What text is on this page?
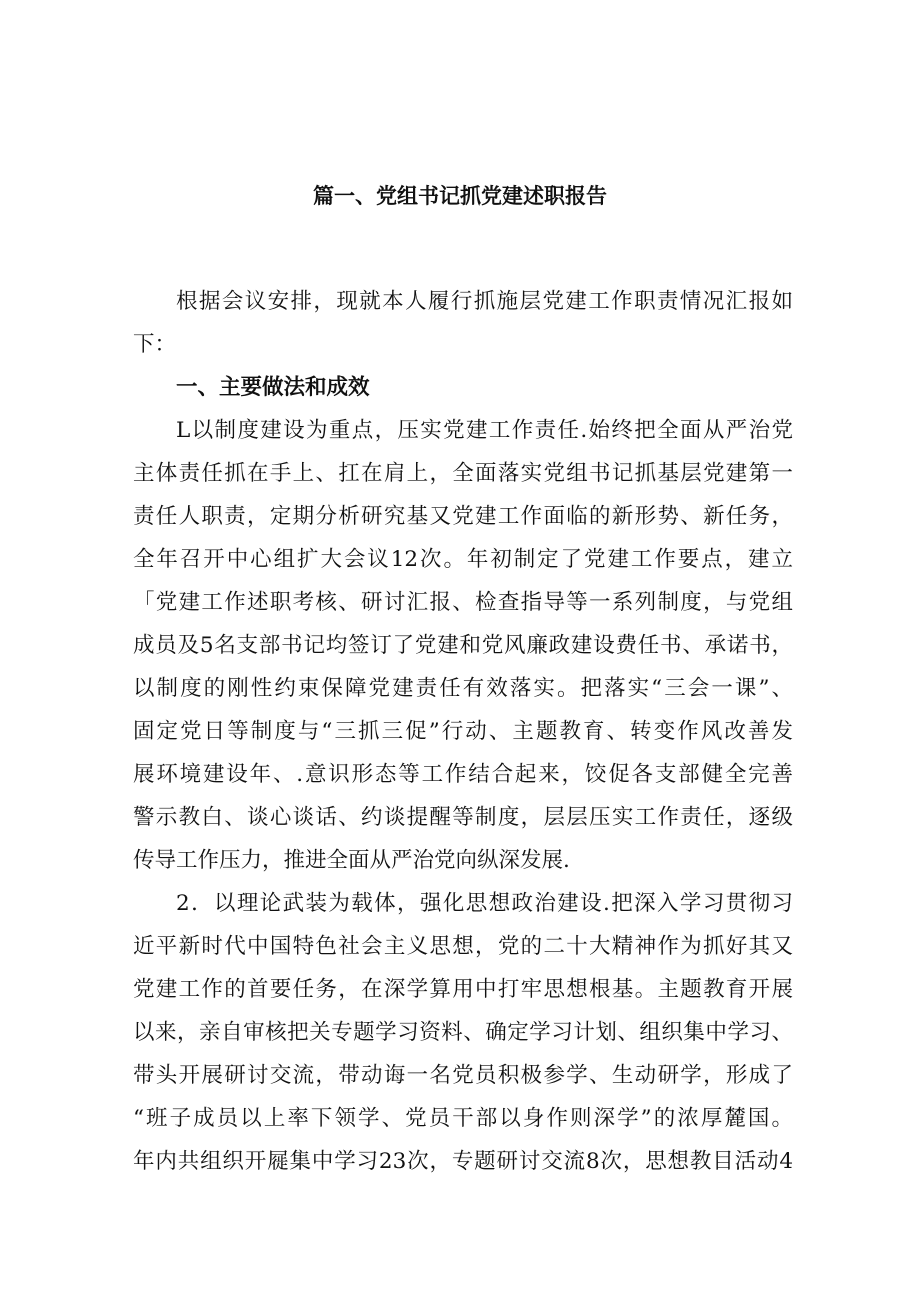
篇一、党组书记抓党建述职报告
根据会议安排，现就本人履行抓施层党建工作职责情况汇报如
下：
一、主要做法和成效
L以制度建设为重点，压实党建工作责任.始终把全面从严治党
主体责任抓在手上、扛在肩上，全面落实党组书记抓基层党建第一
责任人职责，定期分析研究基又党建工作面临的新形势、新任务，
全年召开中心组扩大会议12次。年初制定了党建工作要点，建立
「党建工作述职考核、研讨汇报、检查指导等一系列制度，与党组
成员及5名支部书记均签订了党建和党风廉政建设费任书、承诺书，
以制度的刚性约束保障党建责任有效落实。把落实“三会一课”、
固定党日等制度与“三抓三促”行动、主题教育、转变作风改善发
展环境建设年、.意识形态等工作结合起来，饺促各支部健全完善
警示教白、谈心谈话、约谈提醒等制度，层层压实工作责任，逐级
传导工作压力，推进全面从严治党向纵深发展.
2．以理论武装为载体，强化思想政治建设.把深入学习贯彻习
近平新时代中国特色社会主义思想，党的二十大精神作为抓好其又
党建工作的首要任务，在深学算用中打牢思想根基。主题教育开展
以来，亲自审核把关专题学习资料、确定学习计划、组织集中学习、
带头开展研讨交流，带动诲一名党员积极参学、生动研学，形成了
“班子成员以上率下领学、党员干部以身作则深学”的浓厚麓国。
年内共组织开屣集中学习23次，专题研讨交流8次，思想教目活动4
